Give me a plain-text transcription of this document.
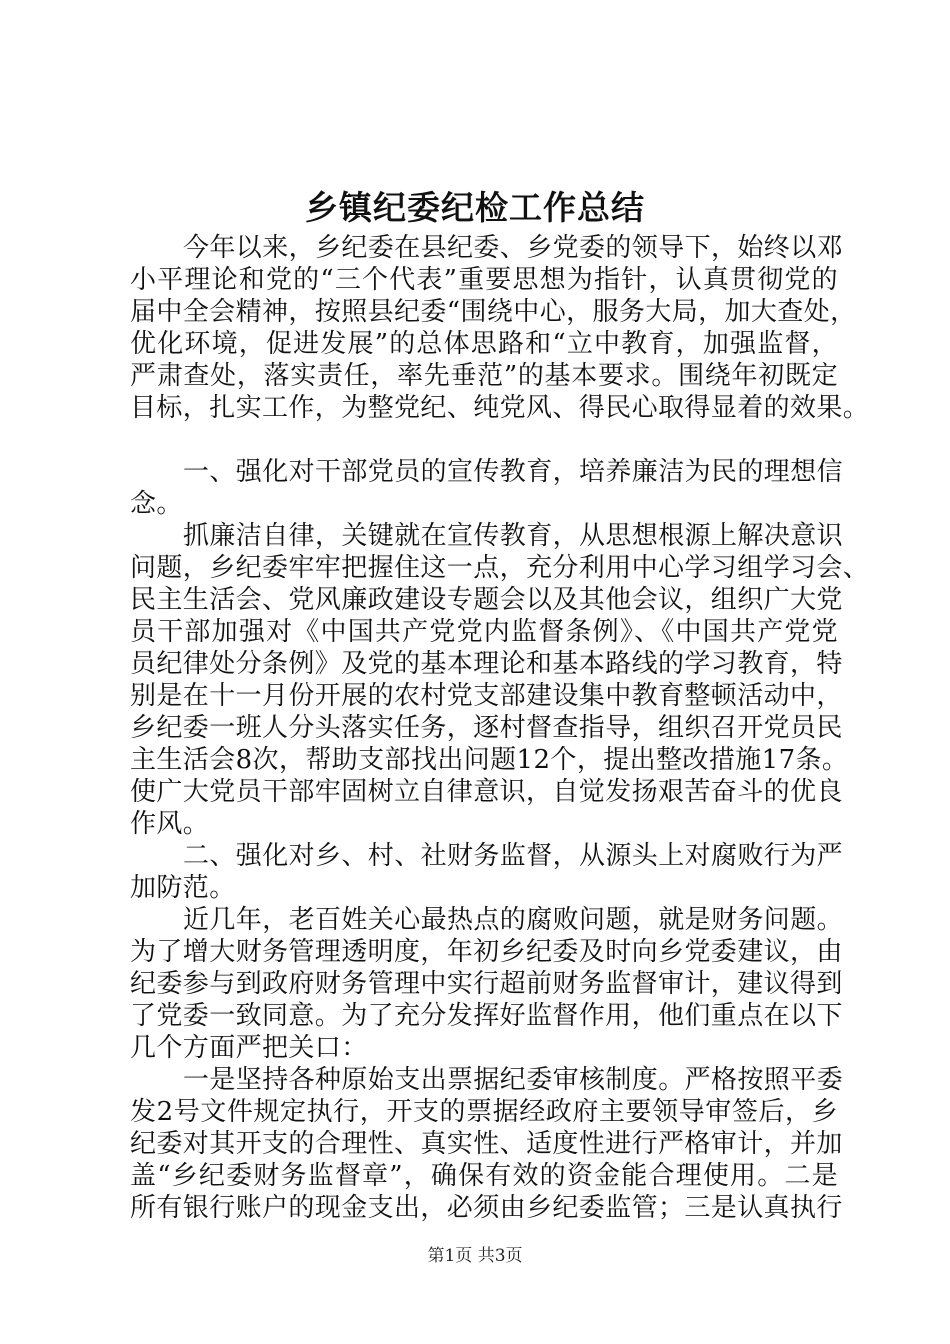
乡镇纪委纪检工作总结
今年以来，乡纪委在县纪委、乡党委的领导下，始终以邓
小平理论和党的“三个代表”重要思想为指针，认真贯彻党的
届中全会精神，按照县纪委“围绕中心，服务大局，加大查处，
优化环境，促进发展”的总体思路和“立中教育，加强监督，
严肃查处，落实责任，率先垂范”的基本要求。围绕年初既定
目标，扎实工作，为整党纪、纯党风、得民心取得显着的效果。
一、强化对干部党员的宣传教育，培养廉洁为民的理想信
念。
抓廉洁自律，关键就在宣传教育，从思想根源上解决意识
问题，乡纪委牢牢把握住这一点，充分利用中心学习组学习会、
民主生活会、党风廉政建设专题会以及其他会议，组织广大党
员干部加强对《中国共产党党内监督条例》、《中国共产党党
员纪律处分条例》及党的基本理论和基本路线的学习教育，特
别是在十一月份开展的农村党支部建设集中教育整顿活动中，
乡纪委一班人分头落实任务，逐村督查指导，组织召开党员民
主生活会8次，帮助支部找出问题12个，提出整改措施17条。
使广大党员干部牢固树立自律意识，自觉发扬艰苦奋斗的优良
作风。
二、强化对乡、村、社财务监督，从源头上对腐败行为严
加防范。
近几年，老百姓关心最热点的腐败问题，就是财务问题。
为了增大财务管理透明度，年初乡纪委及时向乡党委建议，由
纪委参与到政府财务管理中实行超前财务监督审计，建议得到
了党委一致同意。为了充分发挥好监督作用，他们重点在以下
几个方面严把关口：
一是坚持各种原始支出票据纪委审核制度。严格按照平委
发2号文件规定执行，开支的票据经政府主要领导审签后，乡
纪委对其开支的合理性、真实性、适度性进行严格审计，并加
盖“乡纪委财务监督章”，确保有效的资金能合理使用。二是
所有银行账户的现金支出，必须由乡纪委监管；三是认真执行
第1页 共3页
